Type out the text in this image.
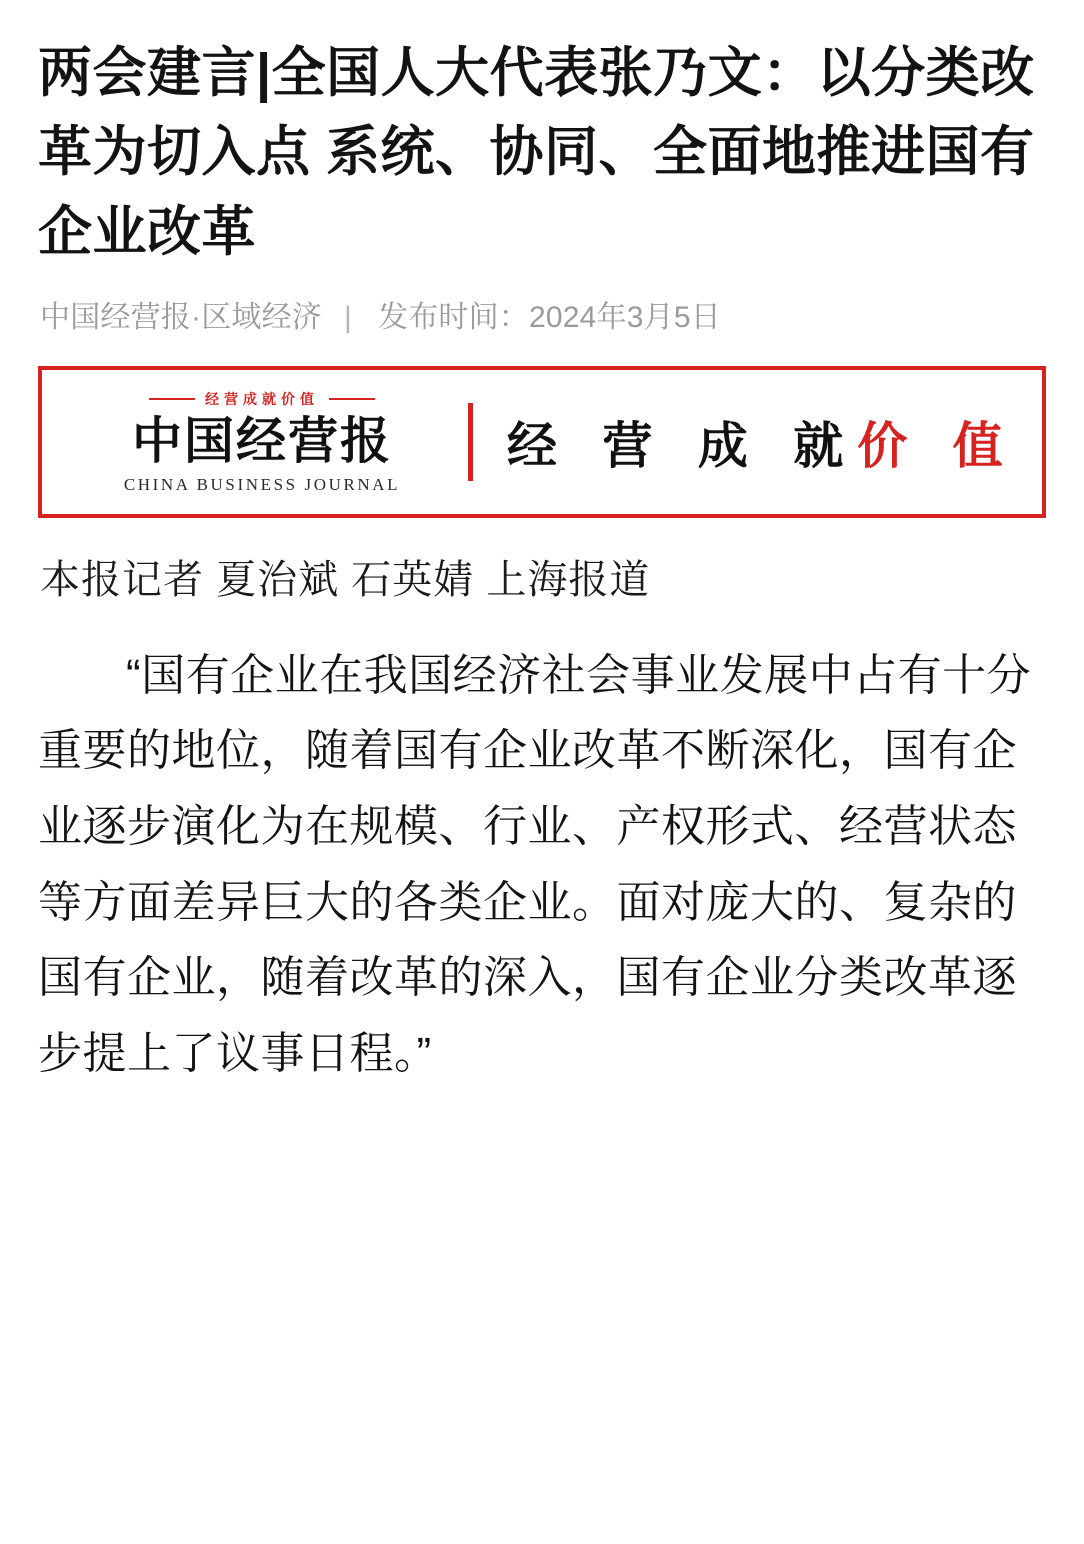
两会建言|全国人大代表张乃文：以分类改革为切入点 系统、协同、全面地推进国有企业改革
中国经营报·区域经济 | 发布时间：2024年3月5日
经营成就价值
中国经营报
CHINA BUSINESS JOURNAL
经 营 成 就 价 值
本报记者 夏治斌 石英婧 上海报道

“国有企业在我国经济社会事业发展中占有十分重要的地位，随着国有企业改革不断深化，国有企业逐步演化为在规模、行业、产权形式、经营状态等方面差异巨大的各类企业。面对庞大的、复杂的国有企业，随着改革的深入，国有企业分类改革逐步提上了议事日程。”
